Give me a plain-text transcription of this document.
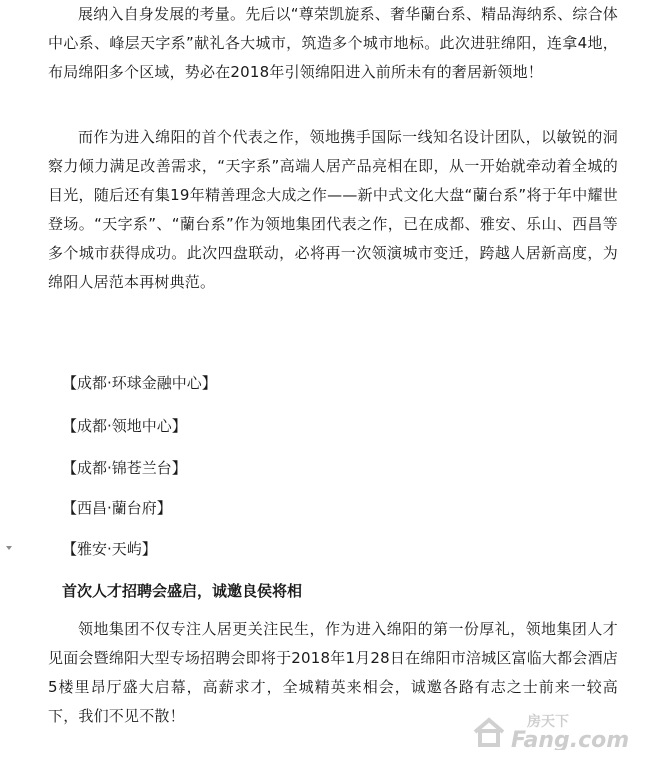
展纳入自身发展的考量。先后以“尊荣凯旋系、奢华蘭台系、精品海纳系、综合体中心系、峰层天字系”献礼各大城市，筑造多个城市地标。此次进驻绵阳，连拿4地，布局绵阳多个区域，势必在2018年引领绵阳进入前所未有的奢居新领地！

而作为进入绵阳的首个代表之作，领地携手国际一线知名设计团队，以敏锐的洞察力倾力满足改善需求，“天字系”高端人居产品亮相在即，从一开始就牵动着全城的目光，随后还有集19年精善理念大成之作——新中式文化大盘“蘭台系”将于年中耀世登场。“天字系”、“蘭台系”作为领地集团代表之作，已在成都、雅安、乐山、西昌等多个城市获得成功。此次四盘联动，必将再一次领演城市变迁，跨越人居新高度，为绵阳人居范本再树典范。

【成都·环球金融中心】

【成都·领地中心】

【成都·锦苍兰台】

【西昌·蘭台府】

【雅安·天屿】

首次人才招聘会盛启，诚邀良侯将相

领地集团不仅专注人居更关注民生，作为进入绵阳的第一份厚礼，领地集团人才见面会暨绵阳大型专场招聘会即将于2018年1月28日在绵阳市涪城区富临大都会酒店5楼里昂厅盛大启幕，高薪求才，全城精英来相会，诚邀各路有志之士前来一较高下，我们不见不散！	房天下
Fang.com
